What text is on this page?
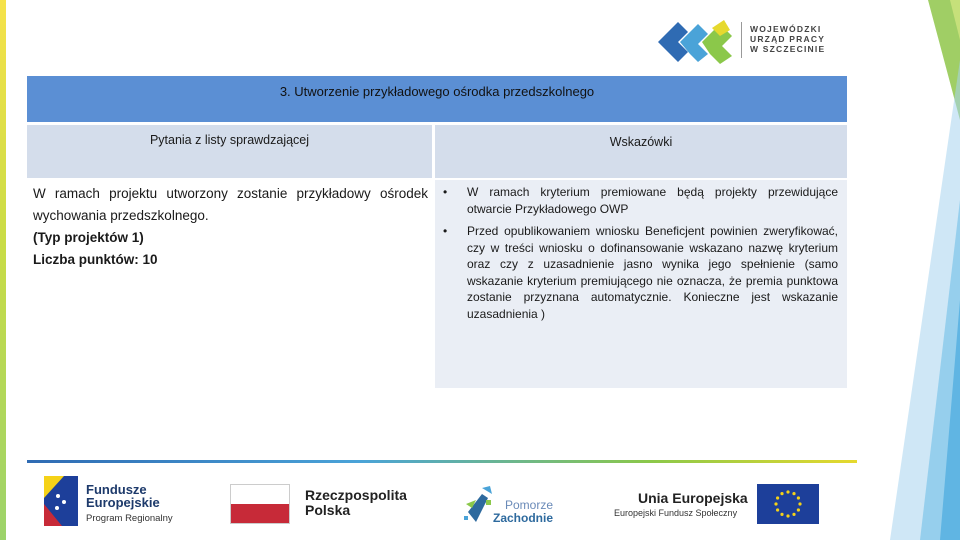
WOJEWÓDZKI
URZĄD PRACY
W SZCZECINIE
3. Utworzenie przykładowego ośrodka przedszkolnego
Pytania z listy sprawdzającej	Wskazówki
W ramach projektu utworzony zostanie przykładowy ośrodek wychowania przedszkolnego.
(Typ projektów 1)
Liczba punktów: 10
•	W ramach kryterium premiowane będą projekty przewidujące otwarcie Przykładowego OWP
•	Przed opublikowaniem wniosku Beneficjent powinien zweryfikować, czy w treści wniosku o dofinansowanie wskazano nazwę kryterium oraz czy z uzasadnienie jasno wynika jego spełnienie (samo wskazanie kryterium premiującego nie oznacza, że premia punktowa zostanie przyznana automatycznie. Konieczne jest wskazanie uzasadnienia )
Fundusze
Europejskie
Program Regionalny
Rzeczpospolita
Polska	Pomorze
Zachodnie
Unia Europejska
Europejski Fundusz Społeczny
